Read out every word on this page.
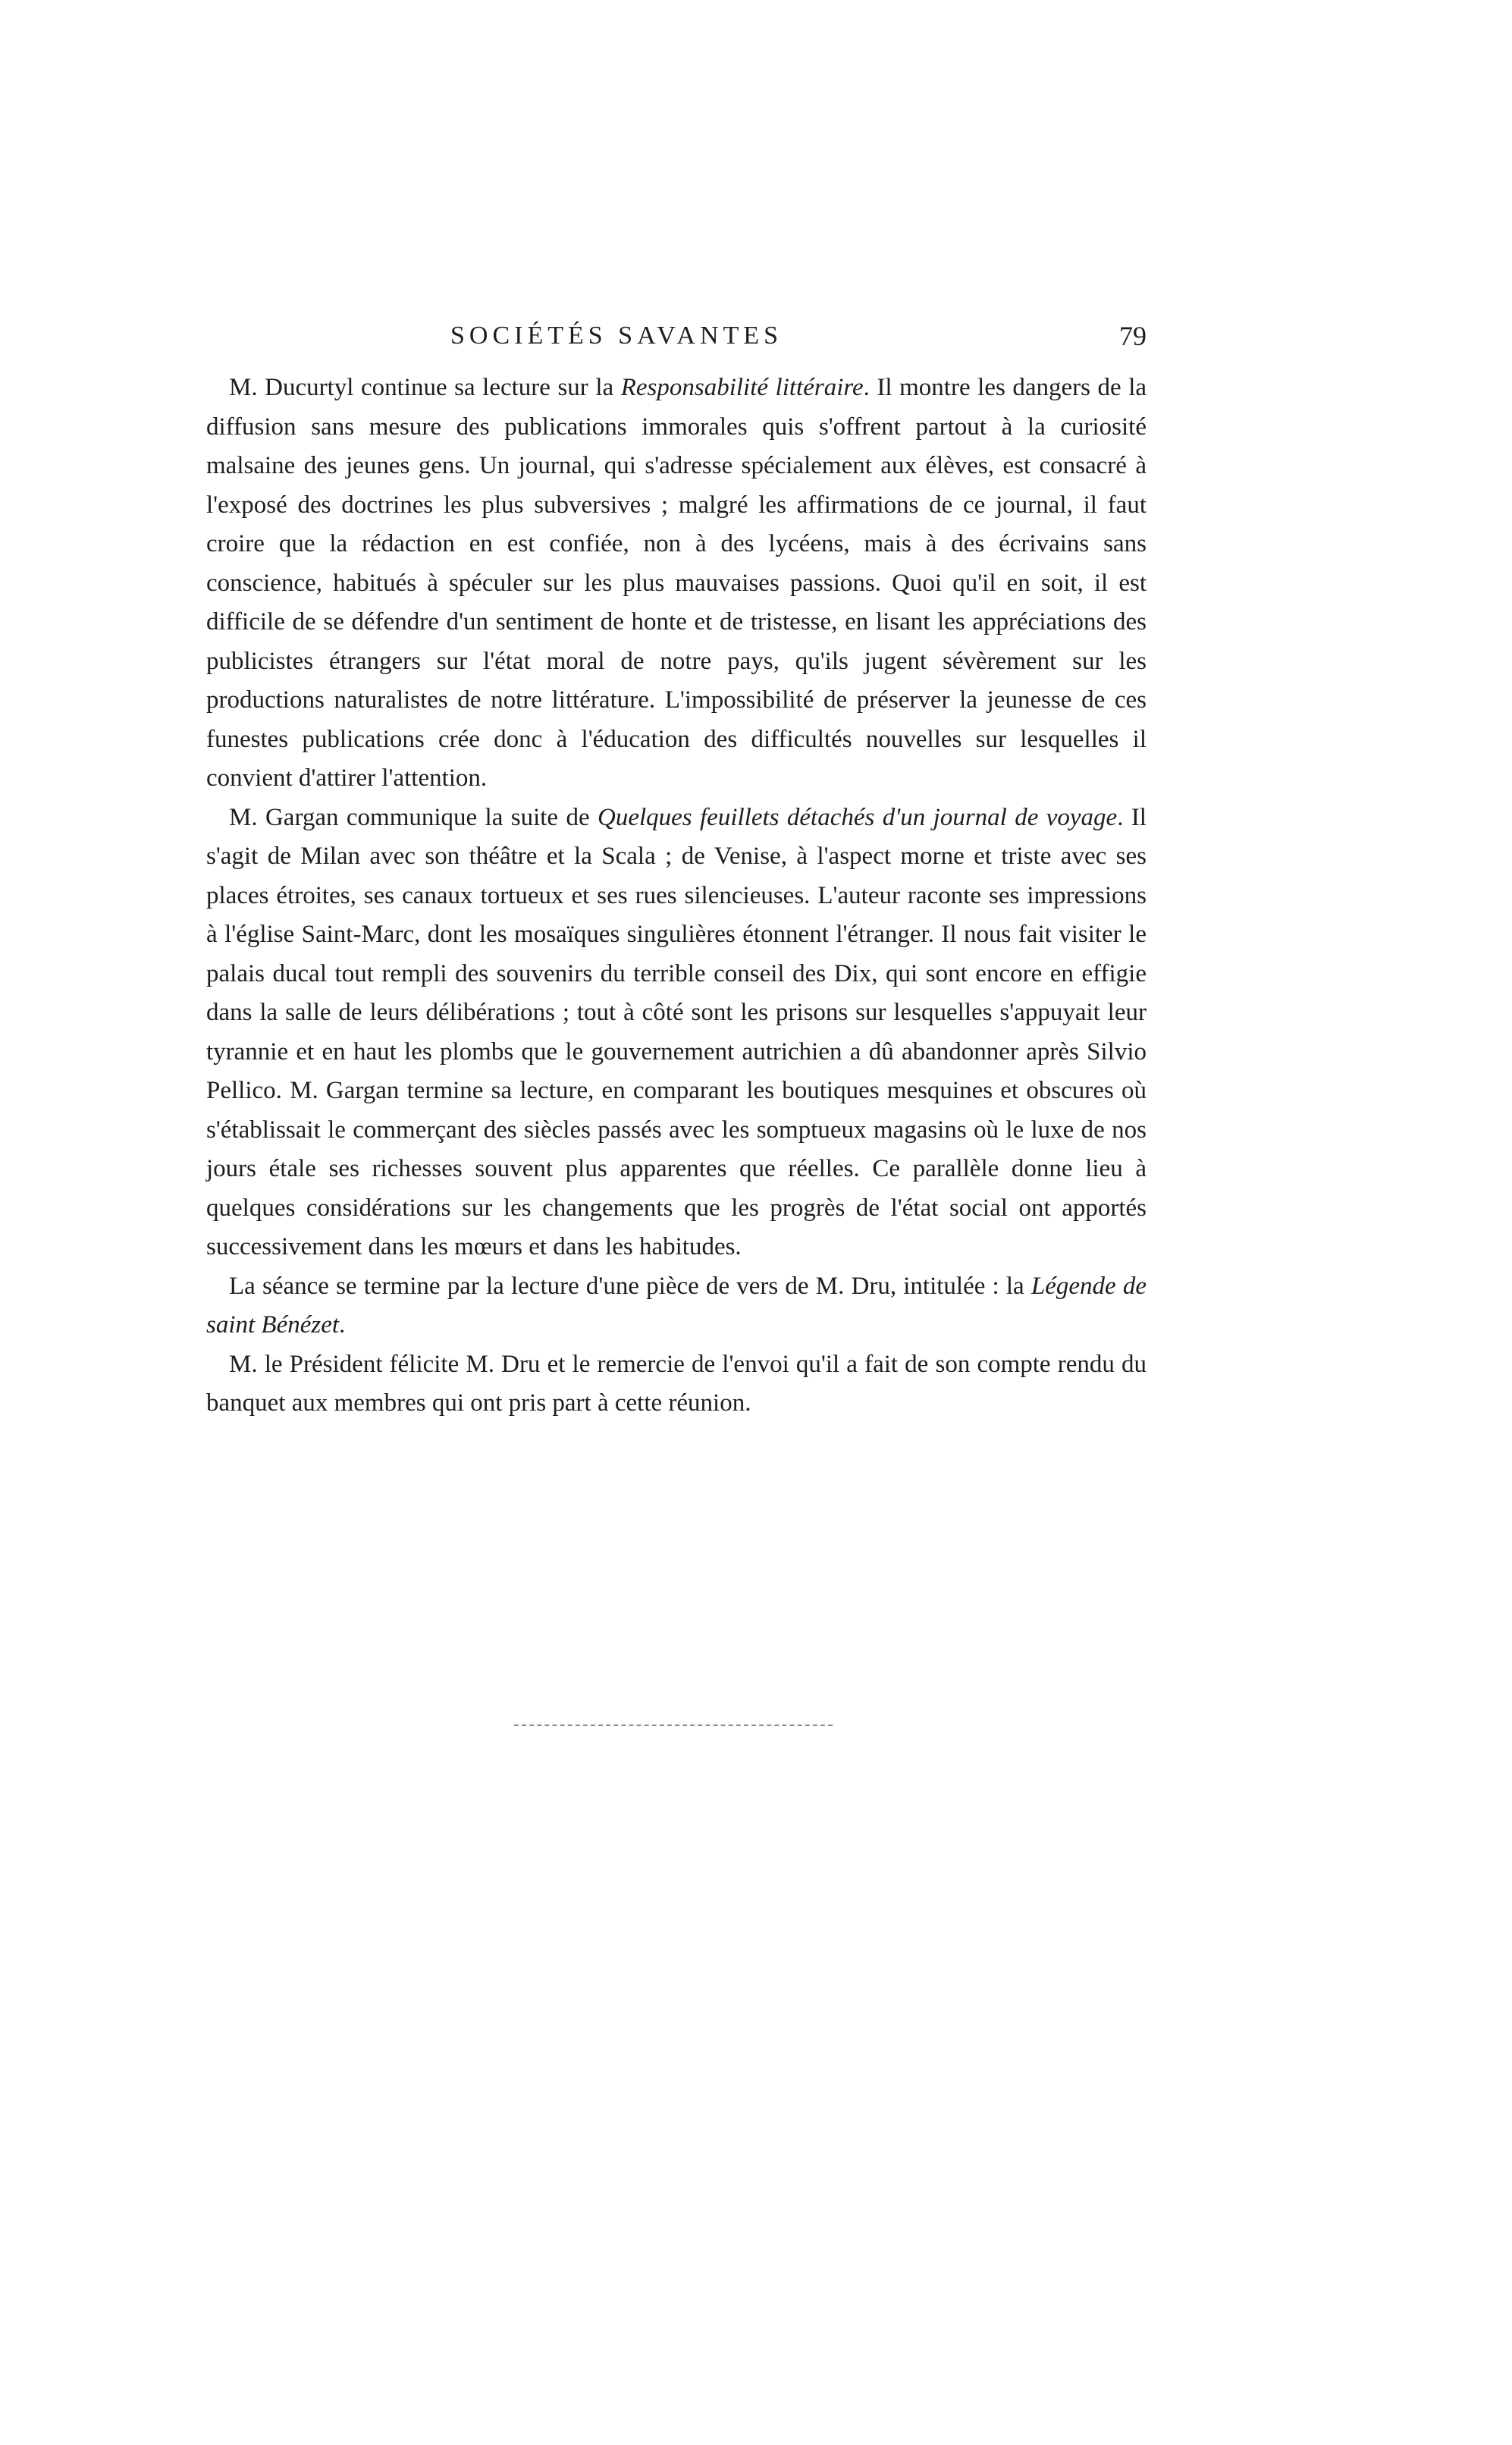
SOCIÉTÉS SAVANTES	79

M. Ducurtyl continue sa lecture sur la Responsabilité littéraire. Il montre les dangers de la diffusion sans mesure des publications immorales quis s'offrent partout à la curiosité malsaine des jeunes gens. Un journal, qui s'adresse spécialement aux élèves, est consacré à l'exposé des doctrines les plus subversives ; malgré les affirmations de ce journal, il faut croire que la rédaction en est confiée, non à des lycéens, mais à des écrivains sans conscience, habitués à spéculer sur les plus mauvaises passions. Quoi qu'il en soit, il est difficile de se défendre d'un sentiment de honte et de tristesse, en lisant les appréciations des publicistes étrangers sur l'état moral de notre pays, qu'ils jugent sévèrement sur les productions naturalistes de notre littérature. L'impossibilité de préserver la jeunesse de ces funestes publications crée donc à l'éducation des difficultés nouvelles sur lesquelles il convient d'attirer l'attention.

M. Gargan communique la suite de Quelques feuillets détachés d'un journal de voyage. Il s'agit de Milan avec son théâtre et la Scala ; de Venise, à l'aspect morne et triste avec ses places étroites, ses canaux tortueux et ses rues silencieuses. L'auteur raconte ses impressions à l'église Saint-Marc, dont les mosaïques singulières étonnent l'étranger. Il nous fait visiter le palais ducal tout rempli des souvenirs du terrible conseil des Dix, qui sont encore en effigie dans la salle de leurs délibérations ; tout à côté sont les prisons sur lesquelles s'appuyait leur tyrannie et en haut les plombs que le gouvernement autrichien a dû abandonner après Silvio Pellico. M. Gargan termine sa lecture, en comparant les boutiques mesquines et obscures où s'établissait le commerçant des siècles passés avec les somptueux magasins où le luxe de nos jours étale ses richesses souvent plus apparentes que réelles. Ce parallèle donne lieu à quelques considérations sur les changements que les progrès de l'état social ont apportés successivement dans les mœurs et dans les habitudes.

La séance se termine par la lecture d'une pièce de vers de M. Dru, intitulée : la Légende de saint Bénézet.

M. le Président félicite M. Dru et le remercie de l'envoi qu'il a fait de son compte rendu du banquet aux membres qui ont pris part à cette réunion.
